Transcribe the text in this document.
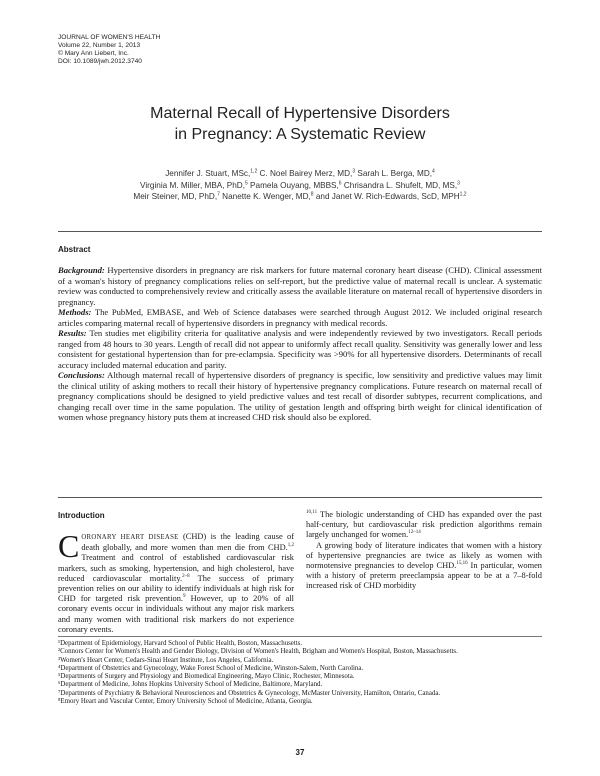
JOURNAL OF WOMEN'S HEALTH
Volume 22, Number 1, 2013
© Mary Ann Liebert, Inc.
DOI: 10.1089/jwh.2012.3740
Maternal Recall of Hypertensive Disorders
in Pregnancy: A Systematic Review
Jennifer J. Stuart, MSc,$^{1,2}$ C. Noel Bairey Merz, MD,$^3$ Sarah L. Berga, MD,$^4$
Virginia M. Miller, MBA, PhD,$^5$ Pamela Ouyang, MBBS,$^6$ Chrisandra L. Shufelt, MD, MS,$^3$
Meir Steiner, MD, PhD,$^7$ Nanette K. Wenger, MD,$^8$ and Janet W. Rich-Edwards, ScD, MPH$^{1,2}$
Abstract

Background: Hypertensive disorders in pregnancy are risk markers for future maternal coronary heart disease (CHD). Clinical assessment of a woman's history of pregnancy complications relies on self-report, but the predictive value of maternal recall is unclear. A systematic review was conducted to comprehensively review and critically assess the available literature on maternal recall of hypertensive disorders in pregnancy.

Methods: The PubMed, EMBASE, and Web of Science databases were searched through August 2012. We included original research articles comparing maternal recall of hypertensive disorders in pregnancy with medical records.

Results: Ten studies met eligibility criteria for qualitative analysis and were independently reviewed by two investigators. Recall periods ranged from 48 hours to 30 years. Length of recall did not appear to uniformly affect recall quality. Sensitivity was generally lower and less consistent for gestational hypertension than for pre-eclampsia. Specificity was >90% for all hypertensive disorders. Determinants of recall accuracy included maternal education and parity.

Conclusions: Although maternal recall of hypertensive disorders of pregnancy is specific, low sensitivity and predictive values may limit the clinical utility of asking mothers to recall their history of hypertensive pregnancy complications. Future research on maternal recall of pregnancy complications should be designed to yield predictive values and test recall of disorder subtypes, recurrent complications, and changing recall over time in the same population. The utility of gestation length and offspring birth weight for clinical identification of women whose pregnancy history puts them at increased CHD risk should also be explored.

Introduction

CORONARY HEART DISEASE (CHD) is the leading cause of death globally, and more women than men die from CHD.$^{1,2}$ Treatment and control of established cardiovascular risk markers, such as smoking, hypertension, and high cholesterol, have reduced cardiovascular mortality.$^{2-8}$ The success of primary prevention relies on our ability to identify individuals at high risk for CHD for targeted risk prevention.$^9$ However, up to 20% of all coronary events occur in individuals without any major risk markers and many women with traditional risk markers do not experience coronary events.

$^{10,11}$ The biologic understanding of CHD has expanded over the past half-century, but cardiovascular risk prediction algorithms remain largely unchanged for women.$^{12-14}$

A growing body of literature indicates that women with a history of hypertensive pregnancies are twice as likely as women with normotensive pregnancies to develop CHD.$^{15,16}$ In particular, women with a history of preterm preeclampsia appear to be at a 7–8-fold increased risk of CHD morbidity

¹Department of Epidemiology, Harvard School of Public Health, Boston, Massachusetts.
²Connors Center for Women's Health and Gender Biology, Division of Women's Health, Brigham and Women's Hospital, Boston, Massachusetts.
³Women's Heart Center, Cedars-Sinai Heart Institute, Los Angeles, California.
⁴Department of Obstetrics and Gynecology, Wake Forest School of Medicine, Winston-Salem, North Carolina.
⁵Departments of Surgery and Physiology and Biomedical Engineering, Mayo Clinic, Rochester, Minnesota.
⁶Department of Medicine, Johns Hopkins University School of Medicine, Baltimore, Maryland.
⁷Departments of Psychiatry & Behavioral Neurosciences and Obstetrics & Gynecology, McMaster University, Hamilton, Ontario, Canada.
⁸Emory Heart and Vascular Center, Emory University School of Medicine, Atlanta, Georgia.
37
